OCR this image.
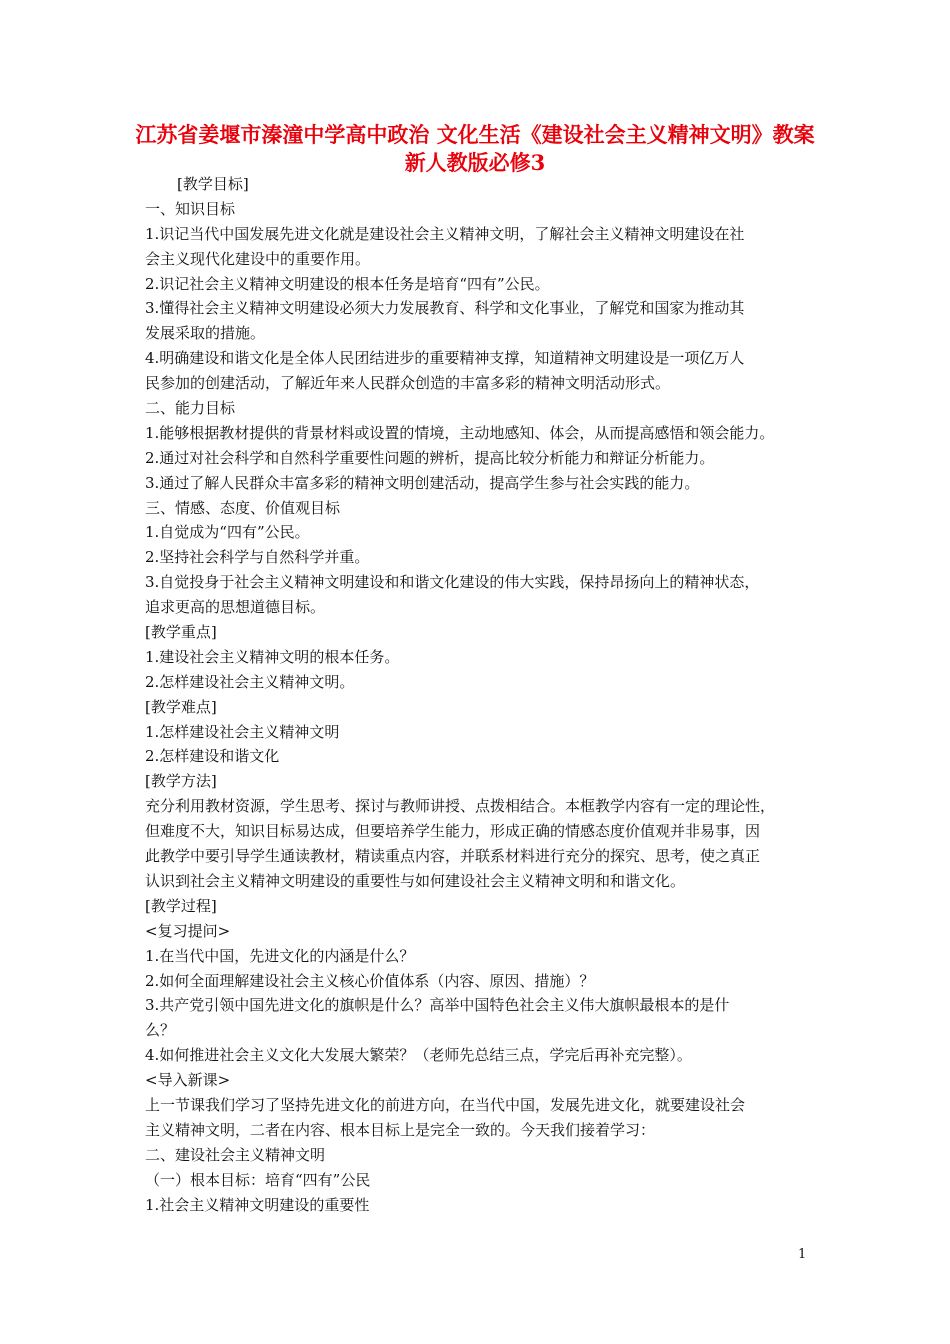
江苏省姜堰市溱潼中学高中政治 文化生活《建设社会主义精神文明》教案 新人教版必修3
[教学目标]
一、知识目标
1.识记当代中国发展先进文化就是建设社会主义精神文明，了解社会主义精神文明建设在社
会主义现代化建设中的重要作用。
2.识记社会主义精神文明建设的根本任务是培育“四有”公民。
3.懂得社会主义精神文明建设必须大力发展教育、科学和文化事业，了解党和国家为推动其
发展采取的措施。
4.明确建设和谐文化是全体人民团结进步的重要精神支撑，知道精神文明建设是一项亿万人
民参加的创建活动，了解近年来人民群众创造的丰富多彩的精神文明活动形式。
二、能力目标
1.能够根据教材提供的背景材料或设置的情境，主动地感知、体会，从而提高感悟和领会能力。
2.通过对社会科学和自然科学重要性问题的辨析，提高比较分析能力和辩证分析能力。
3.通过了解人民群众丰富多彩的精神文明创建活动，提高学生参与社会实践的能力。
三、情感、态度、价值观目标
1.自觉成为“四有”公民。
2.坚持社会科学与自然科学并重。
3.自觉投身于社会主义精神文明建设和和谐文化建设的伟大实践，保持昂扬向上的精神状态，
追求更高的思想道德目标。
[教学重点]
1.建设社会主义精神文明的根本任务。
2.怎样建设社会主义精神文明。
[教学难点]
1.怎样建设社会主义精神文明
2.怎样建设和谐文化
[教学方法]
充分利用教材资源，学生思考、探讨与教师讲授、点拨相结合。本框教学内容有一定的理论性，
但难度不大，知识目标易达成，但要培养学生能力，形成正确的情感态度价值观并非易事，因
此教学中要引导学生通读教材，精读重点内容，并联系材料进行充分的探究、思考，使之真正
认识到社会主义精神文明建设的重要性与如何建设社会主义精神文明和和谐文化。
[教学过程]
<复习提问>
1.在当代中国，先进文化的内涵是什么？
2.如何全面理解建设社会主义核心价值体系（内容、原因、措施）？
3.共产党引领中国先进文化的旗帜是什么？高举中国特色社会主义伟大旗帜最根本的是什
么？
4.如何推进社会主义文化大发展大繁荣？（老师先总结三点，学完后再补充完整）。
<导入新课>
上一节课我们学习了坚持先进文化的前进方向，在当代中国，发展先进文化，就要建设社会
主义精神文明，二者在内容、根本目标上是完全一致的。今天我们接着学习：
二、建设社会主义精神文明
（一）根本目标：培育“四有”公民
1.社会主义精神文明建设的重要性
1
